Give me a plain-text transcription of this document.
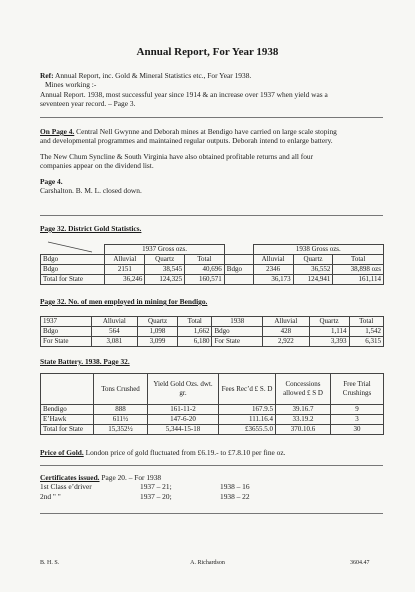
Annual Report, For Year 1938
Ref: Annual Report, inc. Gold & Mineral Statistics etc., For Year 1938.
Mines working :-
Annual Report. 1938, most successful year since 1914 & an increase over 1937 when yield was a
seventeen year record. – Page 3.
On Page 4. Central Nell Gwynne and Deborah mines at Bendigo have carried on large scale stoping
and developmental programmes and maintained regular outputs. Deborah intend to enlarge battery.
The New Chum Syncline & South Virginia have also obtained profitable returns and all four
companies appear on the dividend list.
Page 4.
Carshalton. B. M. L. closed down.
Page 32. District Gold Statistics.
	1937 Gross ozs.				1938 Gross ozs.		
Bdgo	Alluvial	Quartz	Total		Alluvial	Quartz	Total
Bdgo	2151	38,545	40,696	Bdgo	2346	36,552	38,898 ozs
Total for State	36,246	124,325	160,571		36,173	124,941	161,114
Page 32. No. of men employed in mining for Bendigo.
1937	Alluvial	Quartz	Total	1938	Alluvial	Quartz	Total
Bdgo	564	1,098	1,662	Bdgo	428	1,114	1,542
For State	3,081	3,099	6,180	For State	2,922	3,393	6,315
State Battery. 1938. Page 32.
	Tons Crushed	Yield Gold Ozs. dwt. gr.	Fees Rec’d £ S. D	Concessions allowed £ S D	Free Trial Crushings
Bendigo	888	161-11-2	167.9.5	39.16.7	9
E’Hawk	611½	147-6-20	111.16.4	33.19.2	3
Total for State	15,352½	5,344-15-18	£3655.5.0	370.10.6	30
Price of Gold. London price of gold fluctuated from £6.19.- to £7.8.10 per fine oz.
Certificates issued. Page 20. – For 1938
1st Class e’driver	1937 – 21;	1938 – 16
2nd " "	1937 – 20;	1938 – 22
B. H. S.	A. Richardson	3604.47
